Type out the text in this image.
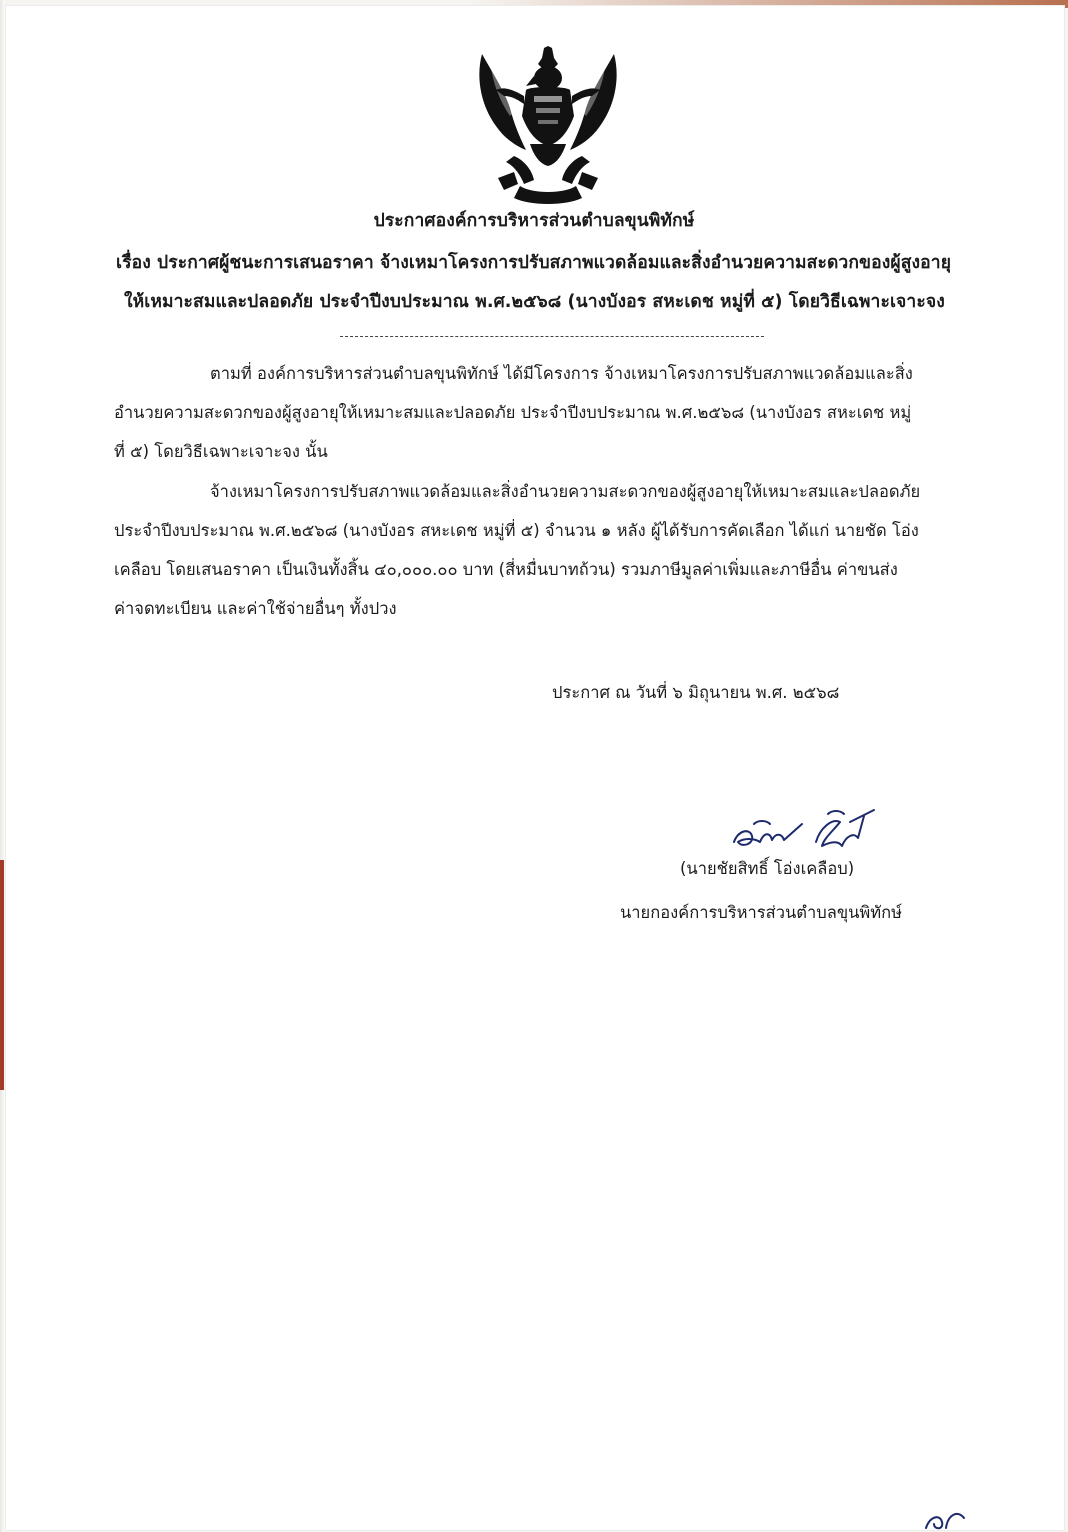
ประกาศองค์การบริหารส่วนตำบลขุนพิทักษ์
เรื่อง ประกาศผู้ชนะการเสนอราคา จ้างเหมาโครงการปรับสภาพแวดล้อมและสิ่งอำนวยความสะดวกของผู้สูงอายุ
ให้เหมาะสมและปลอดภัย ประจำปีงบประมาณ พ.ศ.๒๕๖๘ (นางบังอร สหะเดช หมู่ที่ ๕) โดยวิธีเฉพาะเจาะจง
ตามที่ องค์การบริหารส่วนตำบลขุนพิทักษ์ ได้มีโครงการ จ้างเหมาโครงการปรับสภาพแวดล้อมและสิ่ง
อำนวยความสะดวกของผู้สูงอายุให้เหมาะสมและปลอดภัย ประจำปีงบประมาณ พ.ศ.๒๕๖๘ (นางบังอร สหะเดช หมู่
ที่ ๕) โดยวิธีเฉพาะเจาะจง นั้น
จ้างเหมาโครงการปรับสภาพแวดล้อมและสิ่งอำนวยความสะดวกของผู้สูงอายุให้เหมาะสมและปลอดภัย
ประจำปีงบประมาณ พ.ศ.๒๕๖๘ (นางบังอร สหะเดช หมู่ที่ ๕) จำนวน ๑ หลัง ผู้ได้รับการคัดเลือก ได้แก่ นายชัด โอ่ง
เคลือบ โดยเสนอราคา เป็นเงินทั้งสิ้น ๔๐,๐๐๐.๐๐ บาท (สี่หมื่นบาทถ้วน) รวมภาษีมูลค่าเพิ่มและภาษีอื่น ค่าขนส่ง
ค่าจดทะเบียน และค่าใช้จ่ายอื่นๆ ทั้งปวง
ประกาศ ณ วันที่ ๖ มิถุนายน พ.ศ. ๒๕๖๘
(นายชัยสิทธิ์ โอ่งเคลือบ)
นายกองค์การบริหารส่วนตำบลขุนพิทักษ์
